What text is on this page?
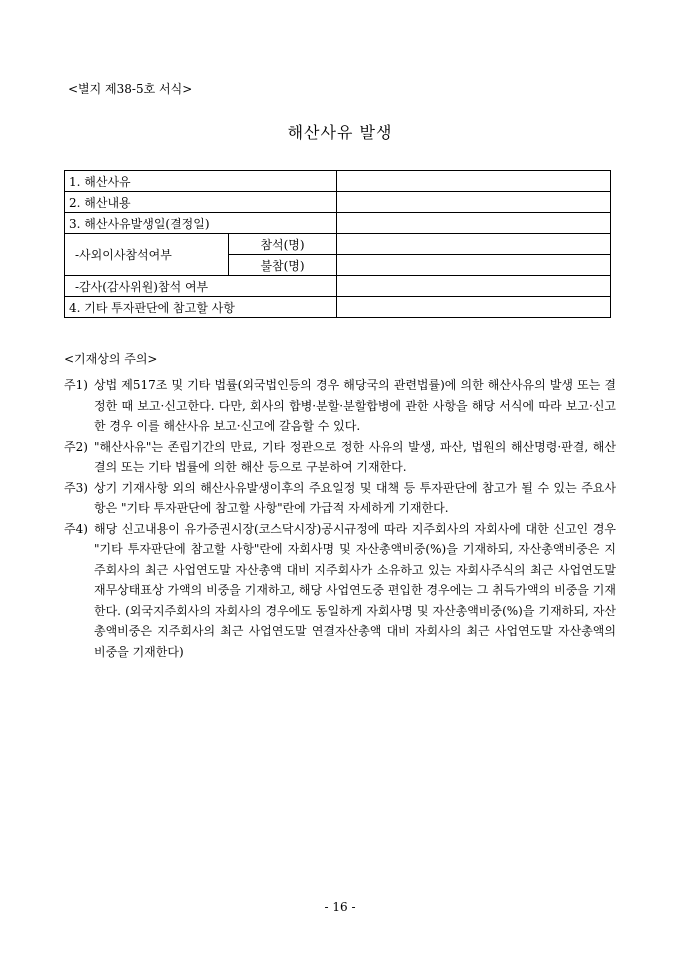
<별지 제38-5호 서식>
해산사유 발생
1. 해산사유		
2. 해산내용		
3. 해산사유발생일(결정일)		
-사외이사참석여부	참석(명)	
	불참(명)	
-감사(감사위원)참석 여부		
4. 기타 투자판단에 참고할 사항		
<기재상의 주의>
주1) 상법 제517조 및 기타 법률(외국법인등의 경우 해당국의 관련법률)에 의한 해산사유의 발생 또는 결정한 때 보고·신고한다. 다만, 회사의 합병·분할·분할합병에 관한 사항을 해당 서식에 따라 보고·신고한 경우 이를 해산사유 보고·신고에 갈음할 수 있다.
주2) "해산사유"는 존립기간의 만료, 기타 정관으로 정한 사유의 발생, 파산, 법원의 해산명령·판결, 해산결의 또는 기타 법률에 의한 해산 등으로 구분하여 기재한다.
주3) 상기 기재사항 외의 해산사유발생이후의 주요일정 및 대책 등 투자판단에 참고가 될 수 있는 주요사항은 "기타 투자판단에 참고할 사항"란에 가급적 자세하게 기재한다.
주4) 해당 신고내용이 유가증권시장(코스닥시장)공시규정에 따라 지주회사의 자회사에 대한 신고인 경우 "기타 투자판단에 참고할 사항"란에 자회사명 및 자산총액비중(%)을 기재하되, 자산총액비중은 지주회사의 최근 사업연도말 자산총액 대비 지주회사가 소유하고 있는 자회사주식의 최근 사업연도말 재무상태표상 가액의 비중을 기재하고, 해당 사업연도중 편입한 경우에는 그 취득가액의 비중을 기재한다. (외국지주회사의 자회사의 경우에도 동일하게 자회사명 및 자산총액비중(%)을 기재하되, 자산총액비중은 지주회사의 최근 사업연도말 연결자산총액 대비 자회사의 최근 사업연도말 자산총액의 비중을 기재한다)
- 16 -
